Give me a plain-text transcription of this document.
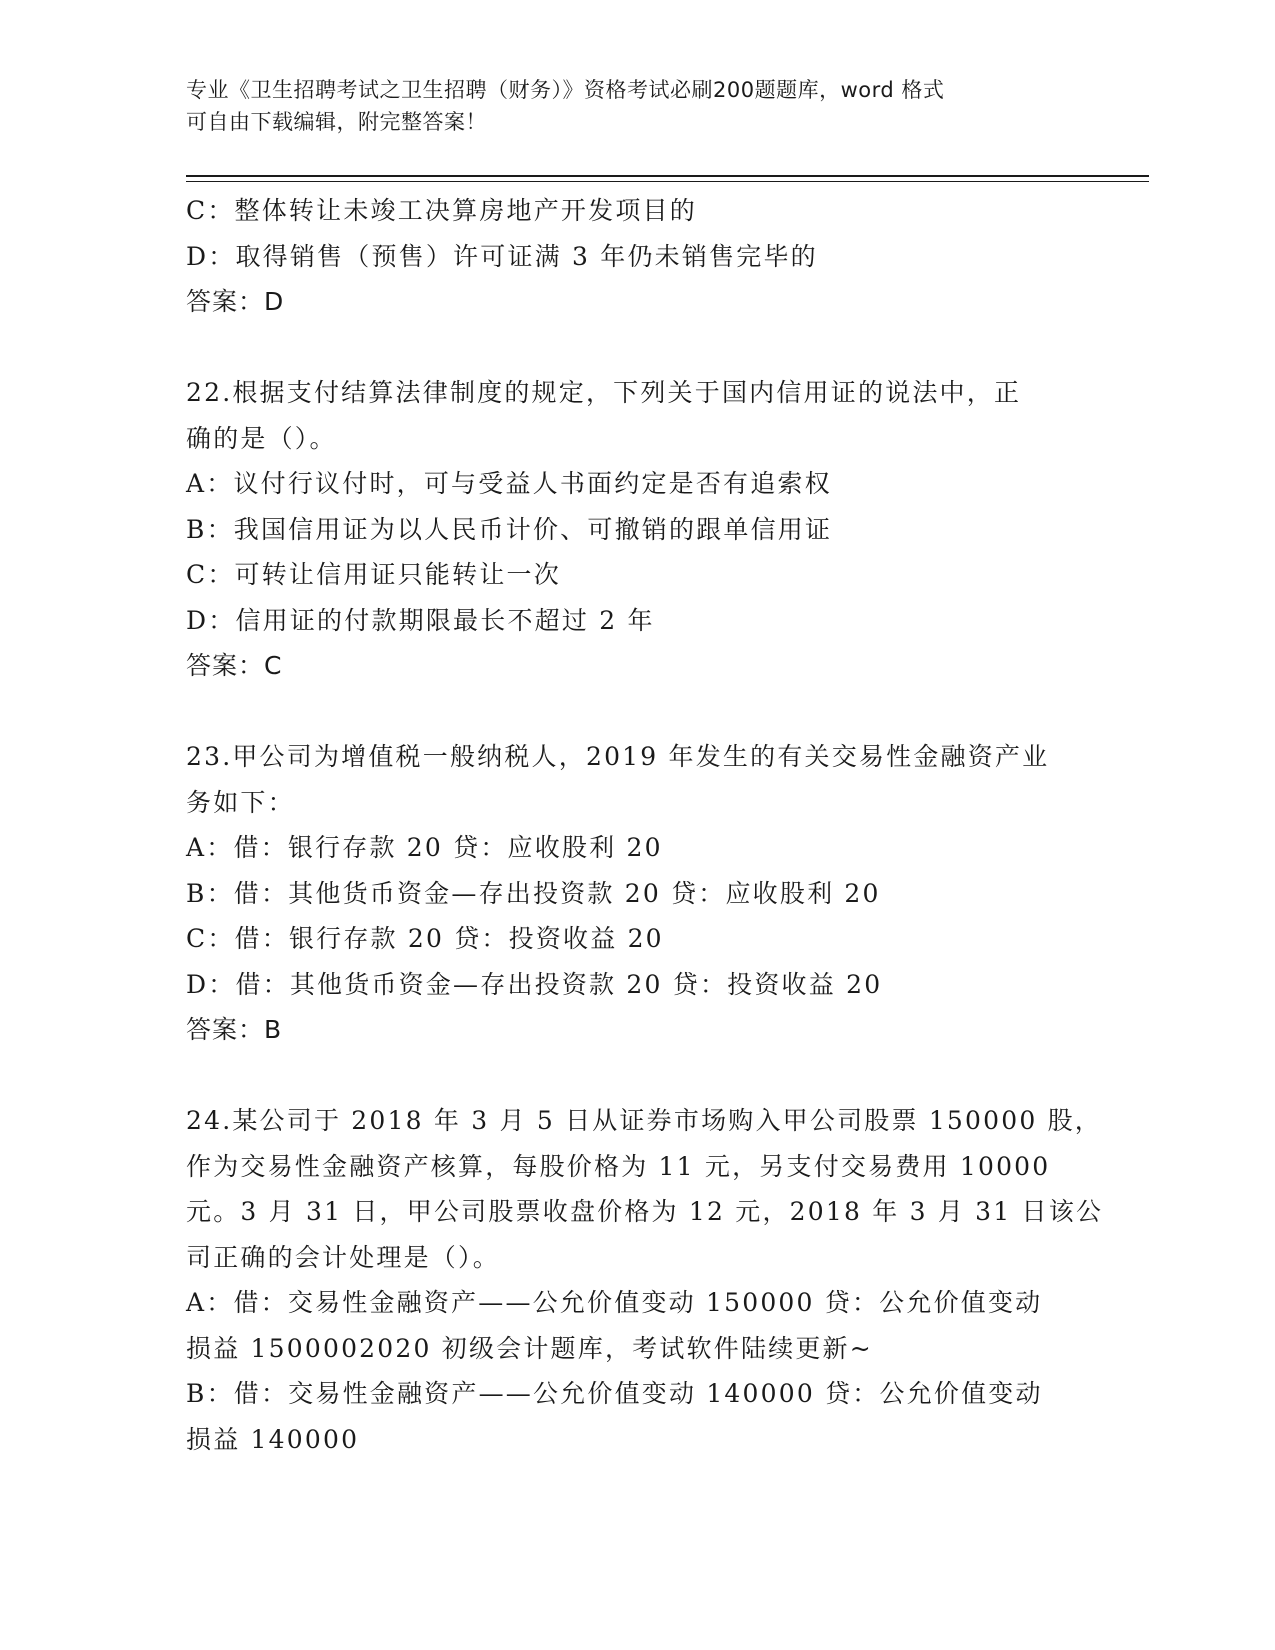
专业《卫生招聘考试之卫生招聘（财务）》资格考试必刷200题题库，word 格式
可自由下载编辑，附完整答案！
C：整体转让未竣工决算房地产开发项目的
D：取得销售（预售）许可证满 3 年仍未销售完毕的
答案：D
22.根据支付结算法律制度的规定，下列关于国内信用证的说法中，正
确的是（）。
A：议付行议付时，可与受益人书面约定是否有追索权
B：我国信用证为以人民币计价、可撤销的跟单信用证
C：可转让信用证只能转让一次
D：信用证的付款期限最长不超过 2 年
答案：C
23.甲公司为增值税一般纳税人，2019 年发生的有关交易性金融资产业
务如下：
A：借：银行存款 20 贷：应收股利 20
B：借：其他货币资金—存出投资款 20 贷：应收股利 20
C：借：银行存款 20 贷：投资收益 20
D：借：其他货币资金—存出投资款 20 贷：投资收益 20
答案：B
24.某公司于 2018 年 3 月 5 日从证券市场购入甲公司股票 150000 股，
作为交易性金融资产核算，每股价格为 11 元，另支付交易费用 10000
元。3 月 31 日，甲公司股票收盘价格为 12 元，2018 年 3 月 31 日该公
司正确的会计处理是（）。
A：借：交易性金融资产——公允价值变动 150000 贷：公允价值变动
损益 1500002020 初级会计题库，考试软件陆续更新~
B：借：交易性金融资产——公允价值变动 140000 贷：公允价值变动
损益 140000
